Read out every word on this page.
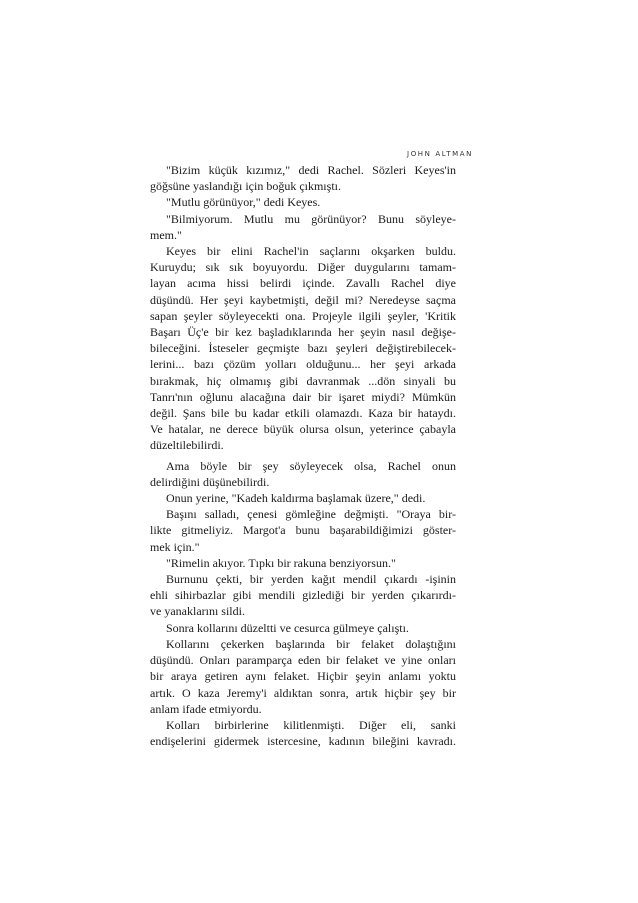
JOHN ALTMAN
"Bizim küçük kızımız," dedi Rachel. Sözleri Keyes'in
göğsüne yaslandığı için boğuk çıkmıştı.
"Mutlu görünüyor," dedi Keyes.
"Bilmiyorum. Mutlu mu görünüyor? Bunu söyleye-
mem."
Keyes bir elini Rachel'in saçlarını okşarken buldu.
Kuruydu; sık sık boyuyordu. Diğer duygularını tamam-
layan acıma hissi belirdi içinde. Zavallı Rachel diye
düşündü. Her şeyi kaybetmişti, değil mi? Neredeyse saçma
sapan şeyler söyleyecekti ona. Projeyle ilgili şeyler, 'Kritik
Başarı Üç'e bir kez başladıklarında her şeyin nasıl değişe-
bileceğini. İsteseler geçmişte bazı şeyleri değiştirebilecek-
lerini... bazı çözüm yolları olduğunu... her şeyi arkada
bırakmak, hiç olmamış gibi davranmak ...dön sinyali bu
Tanrı'nın oğlunu alacağına dair bir işaret miydi? Mümkün
değil. Şans bile bu kadar etkili olamazdı. Kaza bir hataydı.
Ve hatalar, ne derece büyük olursa olsun, yeterince çabayla
düzeltilebilirdi.
Ama böyle bir şey söyleyecek olsa, Rachel onun
delirdiğini düşünebilirdi.
Onun yerine, "Kadeh kaldırma başlamak üzere," dedi.
Başını salladı, çenesi gömleğine değmişti. "Oraya bir-
likte gitmeliyiz. Margot'a bunu başarabildiğimizi göster-
mek için."
"Rimelin akıyor. Tıpkı bir rakuna benziyorsun."
Burnunu çekti, bir yerden kağıt mendil çıkardı -işinin
ehli sihirbazlar gibi mendili gizlediği bir yerden çıkarırdı-
ve yanaklarını sildi.
Sonra kollarını düzeltti ve cesurca gülmeye çalıştı.
Kollarını çekerken başlarında bir felaket dolaştığını
düşündü. Onları paramparça eden bir felaket ve yine onları
bir araya getiren aynı felaket. Hiçbir şeyin anlamı yoktu
artık. O kaza Jeremy'i aldıktan sonra, artık hiçbir şey bir
anlam ifade etmiyordu.
Kolları birbirlerine kilitlenmişti. Diğer eli, sanki
endişelerini gidermek istercesine, kadının bileğini kavradı.
